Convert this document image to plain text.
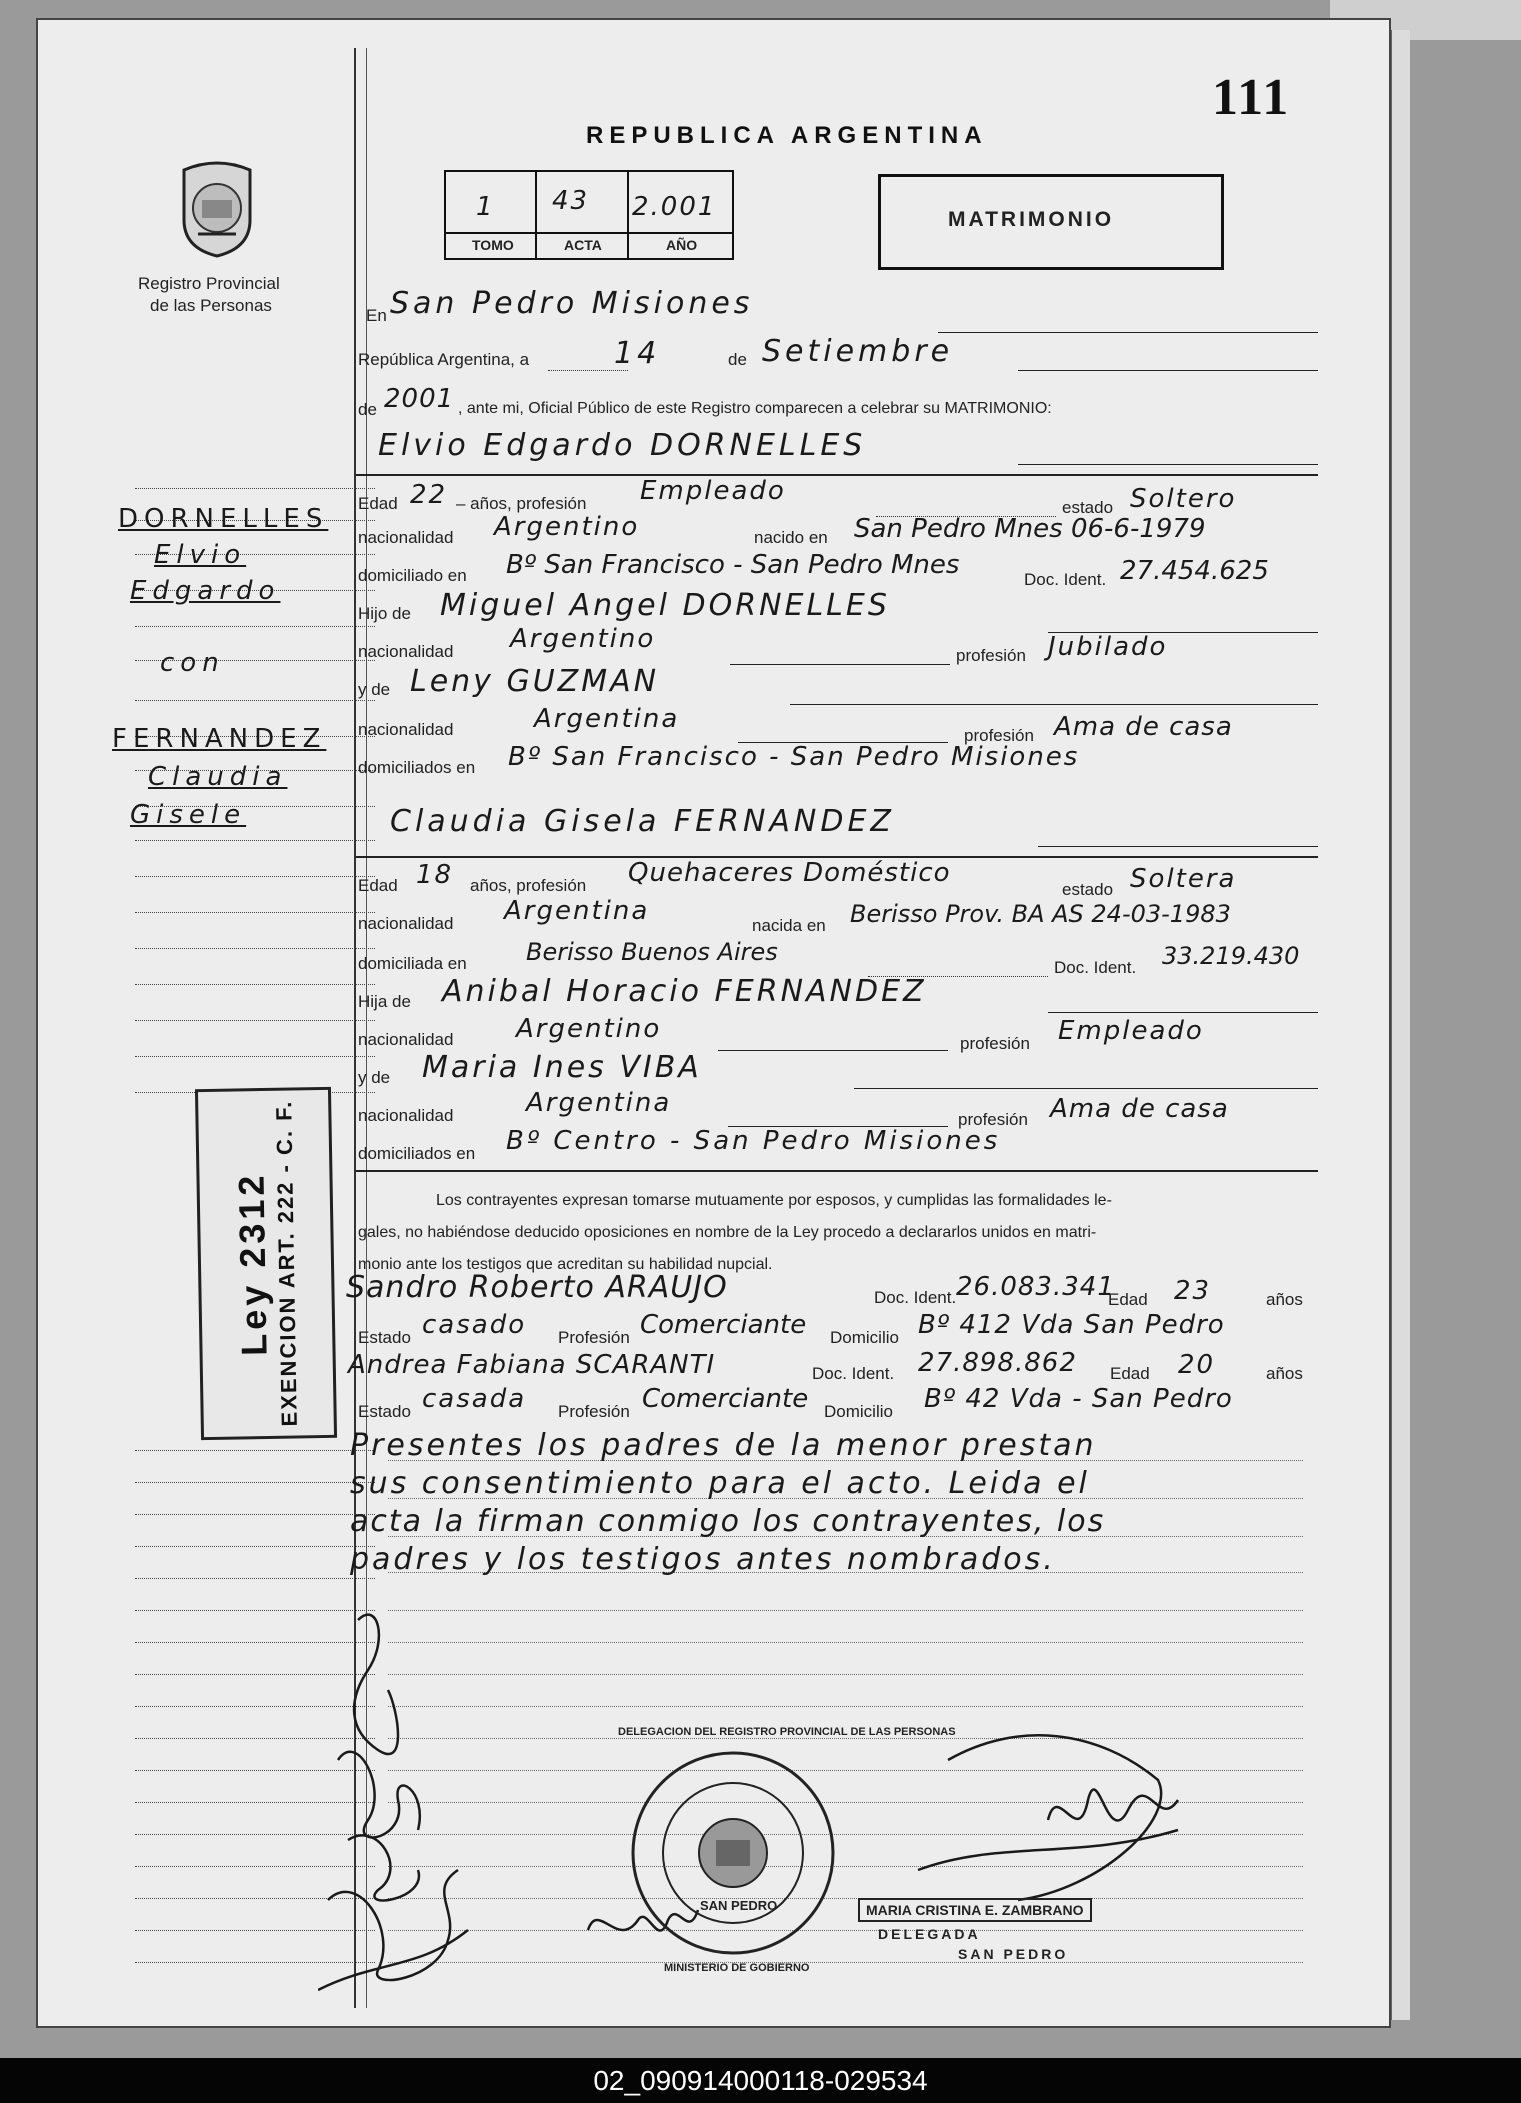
111
REPUBLICA ARGENTINA
Registro Provincial
de las Personas
1 43 2.001
TOMO	ACTA	AÑO
MATRIMONIO
DORNELLES
Elvio
Edgardo
con
FERNANDEZ
Claudia
Gisele
Ley 2312
EXENCION ART. 222 - C. F.
En San Pedro Misiones
República Argentina, a	14	de Setiembre
de 2001 , ante mi, Oficial Público de este Registro comparecen a celebrar su MATRIMONIO:
Elvio Edgardo DORNELLES
Edad 22 – años, profesión Empleado
estado Soltero
nacionalidad Argentino	nacido en San Pedro Mnes 06-6-1979
domiciliado en Bº San Francisco - San Pedro Mnes	Doc. Ident. 27.454.625
Hijo de Miguel Angel DORNELLES
nacionalidad Argentino
profesión Jubilado
y de Leny GUZMAN
nacionalidad	Argentina
profesión Ama de casa
domiciliados en Bº San Francisco - San Pedro Misiones
Claudia Gisela FERNANDEZ
Edad 18 años, profesión Quehaceres Doméstico
estado Soltera
nacionalidad Argentina	nacida en Berisso Prov. BA AS 24-03-1983
domiciliada en Berisso Buenos Aires
Doc. Ident. 33.219.430
Hija de Anibal Horacio FERNANDEZ
nacionalidad Argentino	profesión Empleado
y de Maria Ines VIBA
nacionalidad	Argentina
profesión Ama de casa
domiciliados en Bº Centro - San Pedro Misiones
Los contrayentes expresan tomarse mutuamente por esposos, y cumplidas las formalidades le-
gales, no habiéndose deducido oposiciones en nombre de la Ley procedo a declararlos unidos en matri-
monio ante los testigos que acreditan su habilidad nupcial.
Sandro Roberto ARAUJO	Doc. Ident. 26.083.341
Edad 23	años
Estado casado Profesión Comerciante Domicilio Bº 412 Vda San Pedro
Andrea Fabiana SCARANTI	Doc. Ident. 27.898.862 Edad 20	años
Estado casada Profesión Comerciante Domicilio Bº 42 Vda - San Pedro
Presentes los padres de la menor prestan
sus consentimiento para el acto. Leida el
acta la firman conmigo los contrayentes, los
padres y los testigos antes nombrados.
DELEGACION DEL REGISTRO PROVINCIAL DE LAS PERSONAS
SAN PEDRO
MINISTERIO DE GOBIERNO
MARIA CRISTINA E. ZAMBRANO
DELEGADA
SAN PEDRO
02_090914000118-029534
